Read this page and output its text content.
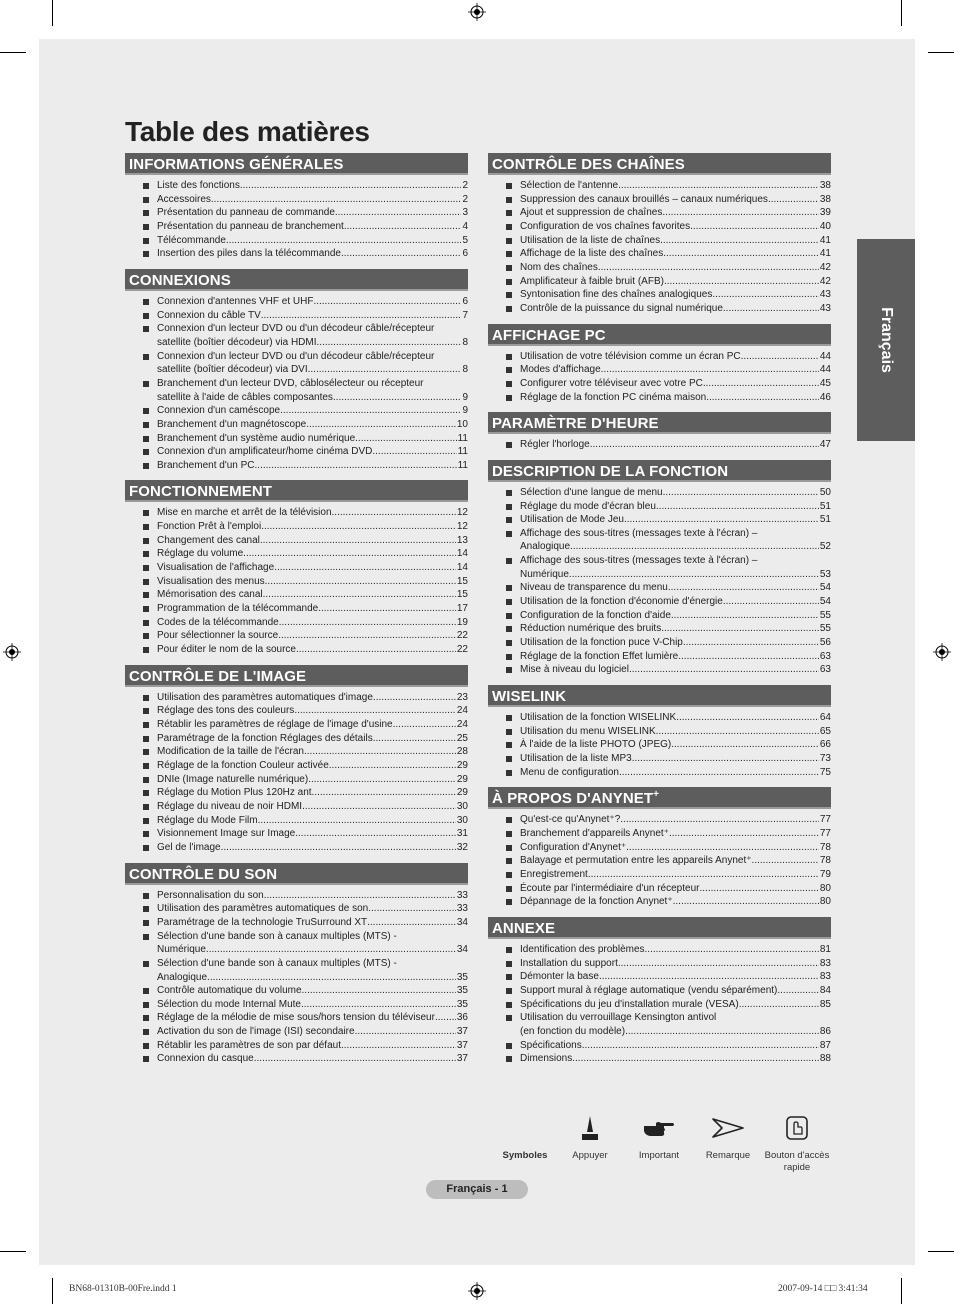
Table des matières
INFORMATIONS GÉNÉRALES
Liste des fonctions .....	2
Accessoires .....	2
Présentation du panneau de commande .....	3
Présentation du panneau de branchement .....	4
Télécommande .....	5
Insertion des piles dans la télécommande .....	6
CONNEXIONS
Connexion d'antennes VHF et UHF .....	6
Connexion du câble TV .....	7
Connexion d'un lecteur DVD ou d'un décodeur câble/récepteur
satellite (boîtier décodeur) via HDMI .....	8
Connexion d'un lecteur DVD ou d'un décodeur câble/récepteur
satellite (boîtier décodeur) via DVI .....	8
Branchement d'un lecteur DVD, câblosélecteur ou récepteur
satellite à l'aide de câbles composantes .....	9
Connexion d'un caméscope .....	9
Branchement d'un magnétoscope .....	10
Branchement d'un système audio numérique .....	11
Connexion d'un amplificateur/home cinéma DVD .....	11
Branchement d'un PC .....	11
FONCTIONNEMENT
Mise en marche et arrêt de la télévision .....	12
Fonction Prêt à l'emploi .....	12
Changement des canal .....	13
Réglage du volume .....	14
Visualisation de l'affichage .....	14
Visualisation des menus .....	15
Mémorisation des canal .....	15
Programmation de la télécommande .....	17
Codes de la télécommande .....	19
Pour sélectionner la source .....	22
Pour éditer le nom de la source .....	22
CONTRÔLE DE L'IMAGE
Utilisation des paramètres automatiques d'image .....	23
Réglage des tons des couleurs .....	24
Rétablir les paramètres de réglage de l'image d'usine .....	24
Paramétrage de la fonction Réglages des détails .....	25
Modification de la taille de l'écran .....	28
Réglage de la fonction Couleur activée .....	29
DNIe (Image naturelle numérique) .....	29
Réglage du Motion Plus 120Hz ant. .....	29
Réglage du niveau de noir HDMI .....	30
Réglage du Mode Film .....	30
Visionnement Image sur Image .....	31
Gel de l'image .....	32
CONTRÔLE DU SON
Personnalisation du son .....	33
Utilisation des paramètres automatiques de son .....	33
Paramétrage de la technologie TruSurround XT .....	34
Sélection d'une bande son à canaux multiples (MTS) -
Numérique .....	34
Sélection d'une bande son à canaux multiples (MTS) -
Analogique .....	35
Contrôle automatique du volume .....	35
Sélection du mode Internal Mute .....	35
Réglage de la mélodie de mise sous/hors tension du téléviseur ..... 36
Activation du son de l'image (ISI) secondaire .....	37
Rétablir les paramètres de son par défaut .....	37
Connexion du casque .....	37
CONTRÔLE DES CHAÎNES
Sélection de l'antenne .....	38
Suppression des canaux brouillés – canaux numériques .....	38
Ajout et suppression de chaînes .....	39
Configuration de vos chaînes favorites .....	40
Utilisation de la liste de chaînes .....	41
Affichage de la liste des chaînes .....	41
Nom des chaînes .....	42
Amplificateur à faible bruit (AFB) .....	42
Syntonisation fine des chaînes analogiques .....	43
Contrôle de la puissance du signal numérique .....	43
AFFICHAGE PC
Utilisation de votre télévision comme un écran PC .....	44
Modes d'affichage .....	44
Configurer votre téléviseur avec votre PC .....	45
Réglage de la fonction PC cinéma maison .....	46
PARAMÈTRE D'HEURE
Régler l'horloge .....	47
DESCRIPTION DE LA FONCTION
Sélection d'une langue de menu .....	50
Réglage du mode d'écran bleu .....	51
Utilisation de Mode Jeu .....	51
Affichage des sous-titres (messages texte à l'écran) –
Analogique .....	52
Affichage des sous-titres (messages texte à l'écran) –
Numérique .....	53
Niveau de transparence du menu .....	54
Utilisation de la fonction d'économie d'énergie .....	54
Configuration de la fonction d'aide .....	55
Réduction numérique des bruits .....	55
Utilisation de la fonction puce V-Chip .....	56
Réglage de la fonction Effet lumière .....	63
Mise à niveau du logiciel .....	63
WISELINK
Utilisation de la fonction WISELINK .....	64
Utilisation du menu WISELINK .....	65
À l'aide de la liste PHOTO (JPEG) .....	66
Utilisation de la liste MP3 .....	73
Menu de configuration .....	75
À PROPOS D'ANYNET+
Qu'est-ce qu'Anynet⁺? .....	77
Branchement d'appareils Anynet⁺ .....	77
Configuration d'Anynet⁺ .....	78
Balayage et permutation entre les appareils Anynet⁺ .....	78
Enregistrement .....	79
Écoute par l'intermédiaire d'un récepteur .....	80
Dépannage de la fonction Anynet⁺ .....	80
ANNEXE
Identification des problèmes .....	81
Installation du support .....	83
Démonter la base .....	83
Support mural à réglage automatique (vendu séparément) .....	84
Spécifications du jeu d'installation murale (VESA) .....	85
Utilisation du verrouillage Kensington antivol
(en fonction du modèle) .....	86
Spécifications .....	87
Dimensions .....	88
Français
Symboles	Appuyer	Important	Remarque	Bouton d'accès rapide
Français - 1
BN68-01310B-00Fre.indd 1	2007-09-14 □□ 3:41:34
